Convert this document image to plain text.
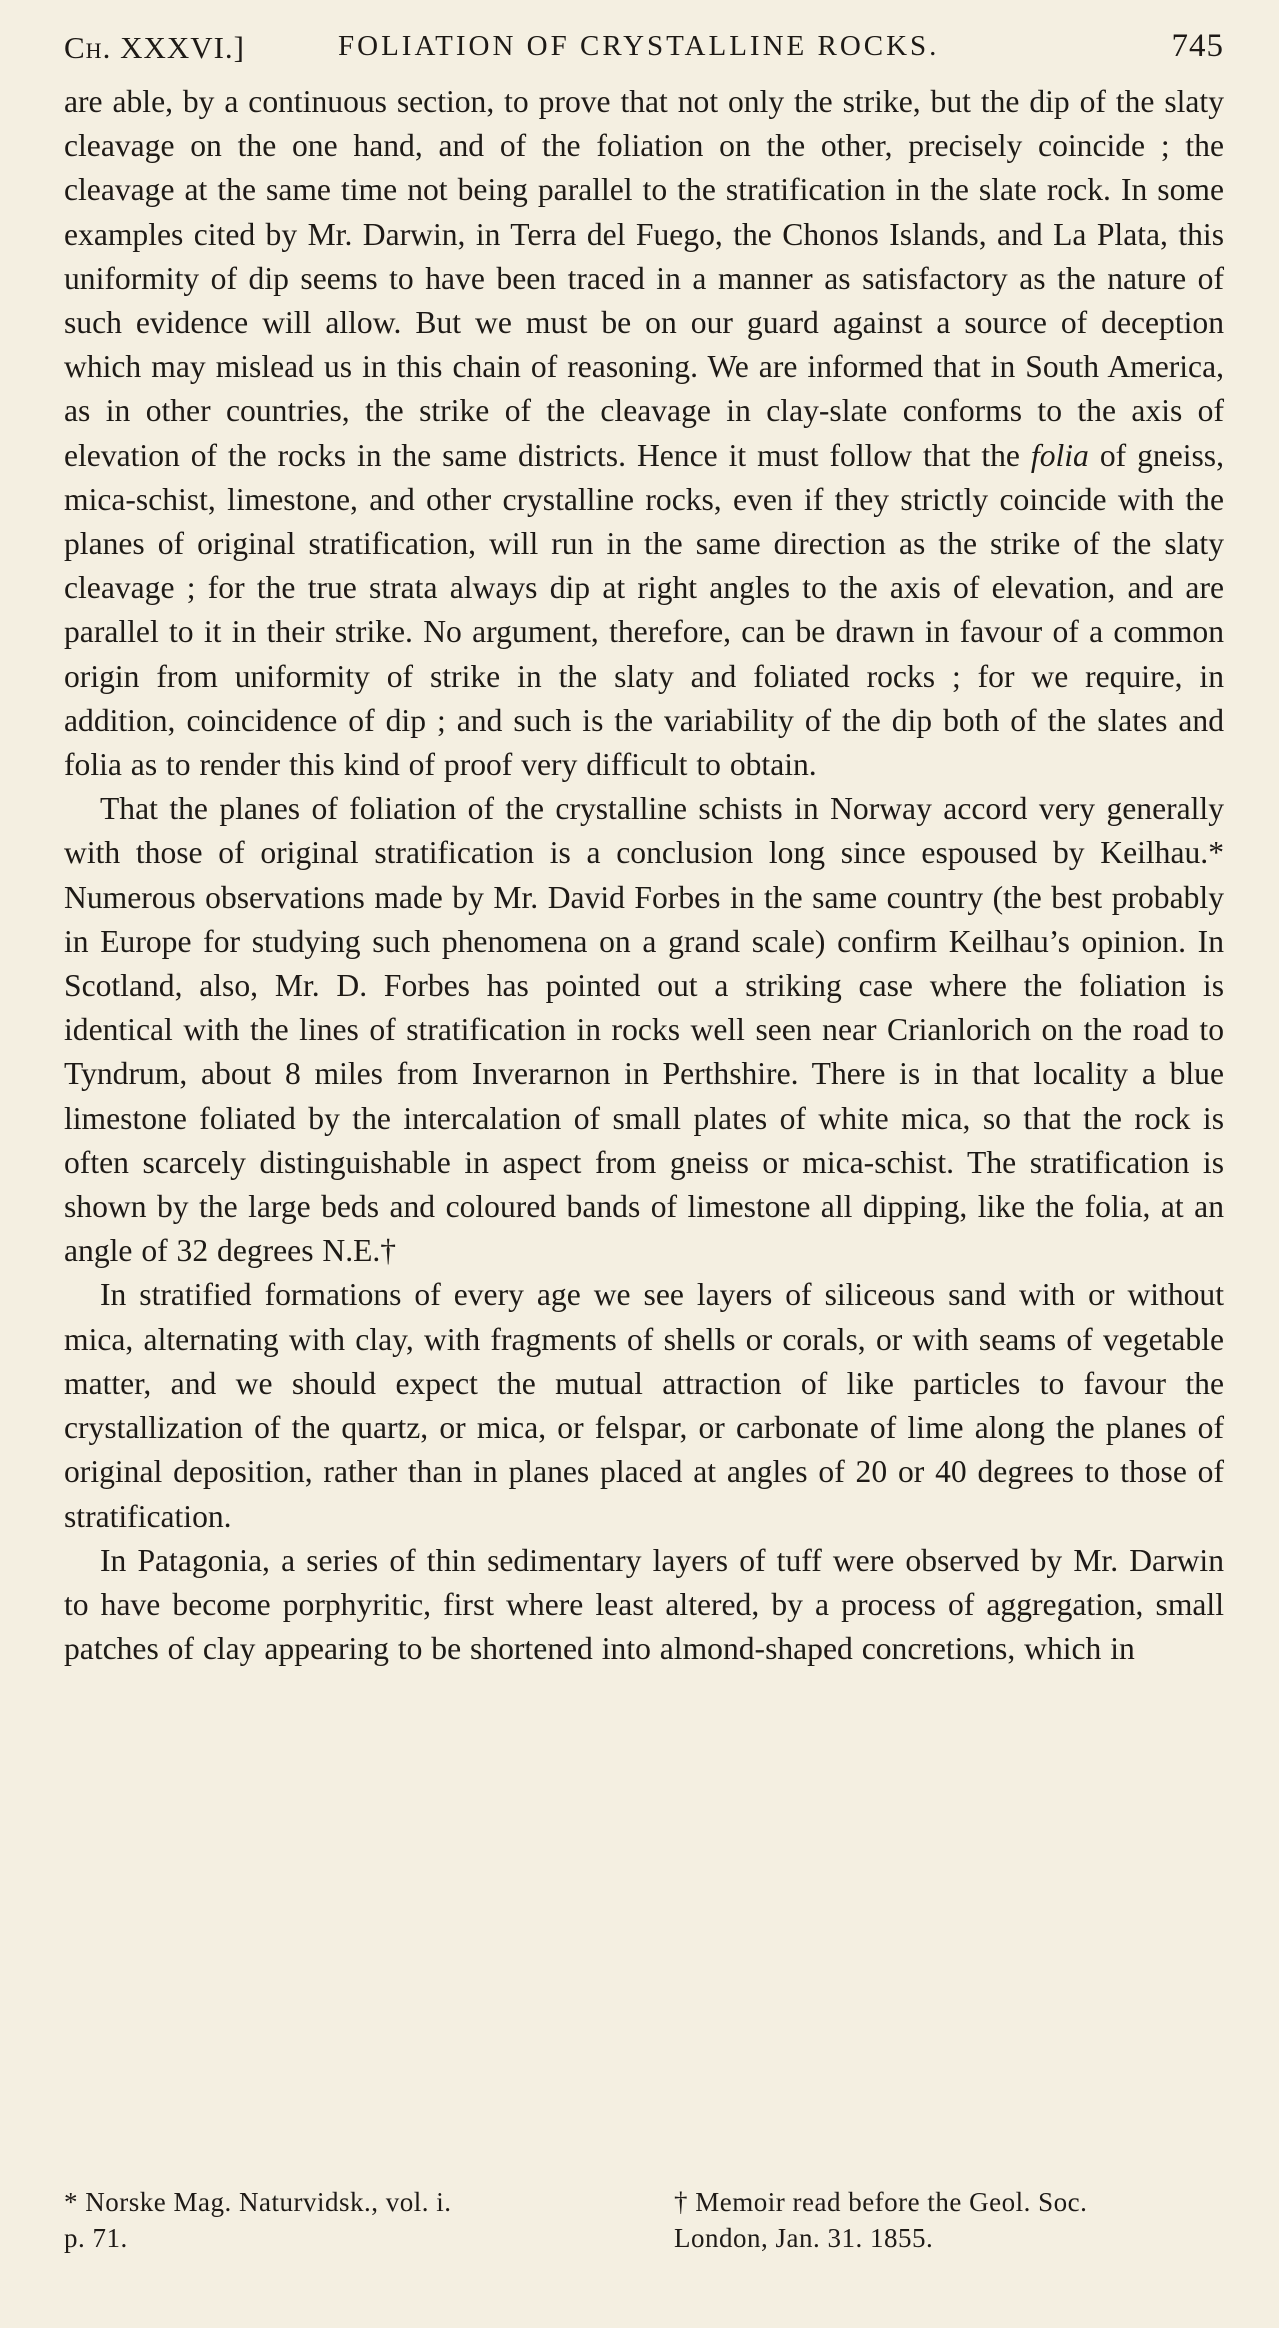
Ch. XXXVI.]	FOLIATION OF CRYSTALLINE ROCKS.	745

are able, by a continuous section, to prove that not only the strike, but the dip of the slaty cleavage on the one hand, and of the foliation on the other, precisely coincide ; the cleavage at the same time not being parallel to the stratification in the slate rock. In some examples cited by Mr. Darwin, in Terra del Fuego, the Chonos Islands, and La Plata, this uniformity of dip seems to have been traced in a manner as satisfactory as the nature of such evidence will allow. But we must be on our guard against a source of deception which may mislead us in this chain of reasoning. We are informed that in South America, as in other countries, the strike of the cleavage in clay-slate conforms to the axis of elevation of the rocks in the same districts. Hence it must follow that the folia of gneiss, mica-schist, limestone, and other crystalline rocks, even if they strictly coincide with the planes of original stratification, will run in the same direction as the strike of the slaty cleavage ; for the true strata always dip at right angles to the axis of elevation, and are parallel to it in their strike. No argument, therefore, can be drawn in favour of a common origin from uniformity of strike in the slaty and foliated rocks ; for we require, in addition, coincidence of dip ; and such is the variability of the dip both of the slates and folia as to render this kind of proof very difficult to obtain.

That the planes of foliation of the crystalline schists in Norway accord very generally with those of original stratification is a conclusion long since espoused by Keilhau.* Numerous observations made by Mr. David Forbes in the same country (the best probably in Europe for studying such phenomena on a grand scale) confirm Keilhau’s opinion. In Scotland, also, Mr. D. Forbes has pointed out a striking case where the foliation is identical with the lines of stratification in rocks well seen near Crianlorich on the road to Tyndrum, about 8 miles from Inverarnon in Perthshire. There is in that locality a blue limestone foliated by the intercalation of small plates of white mica, so that the rock is often scarcely distinguishable in aspect from gneiss or mica-schist. The stratification is shown by the large beds and coloured bands of limestone all dipping, like the folia, at an angle of 32 degrees N.E.†

In stratified formations of every age we see layers of siliceous sand with or without mica, alternating with clay, with fragments of shells or corals, or with seams of vegetable matter, and we should expect the mutual attraction of like particles to favour the crystallization of the quartz, or mica, or felspar, or carbonate of lime along the planes of original deposition, rather than in planes placed at angles of 20 or 40 degrees to those of stratification.

In Patagonia, a series of thin sedimentary layers of tuff were observed by Mr. Darwin to have become porphyritic, first where least altered, by a process of aggregation, small patches of clay appearing to be shortened into almond-shaped concretions, which in

* Norske Mag. Naturvidsk., vol. i.
p. 71.
† Memoir read before the Geol. Soc.
London, Jan. 31. 1855.
